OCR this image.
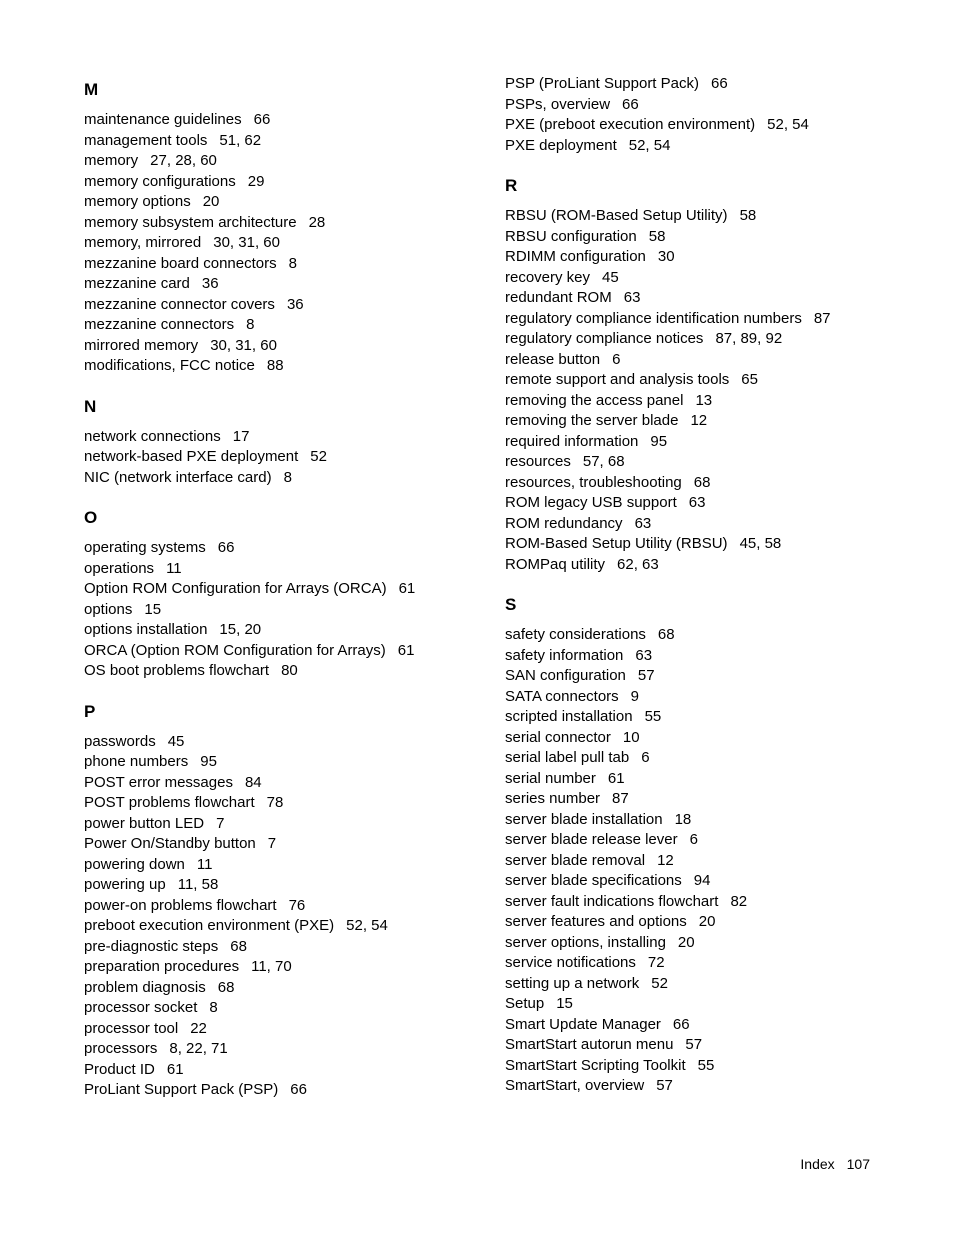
M
maintenance guidelines 66
management tools 51, 62
memory 27, 28, 60
memory configurations 29
memory options 20
memory subsystem architecture 28
memory, mirrored 30, 31, 60
mezzanine board connectors 8
mezzanine card 36
mezzanine connector covers 36
mezzanine connectors 8
mirrored memory 30, 31, 60
modifications, FCC notice 88
N
network connections 17
network-based PXE deployment 52
NIC (network interface card) 8
O
operating systems 66
operations 11
Option ROM Configuration for Arrays (ORCA) 61
options 15
options installation 15, 20
ORCA (Option ROM Configuration for Arrays) 61
OS boot problems flowchart 80
P
passwords 45
phone numbers 95
POST error messages 84
POST problems flowchart 78
power button LED 7
Power On/Standby button 7
powering down 11
powering up 11, 58
power-on problems flowchart 76
preboot execution environment (PXE) 52, 54
pre-diagnostic steps 68
preparation procedures 11, 70
problem diagnosis 68
processor socket 8
processor tool 22
processors 8, 22, 71
Product ID 61
ProLiant Support Pack (PSP) 66
PSP (ProLiant Support Pack) 66
PSPs, overview 66
PXE (preboot execution environment) 52, 54
PXE deployment 52, 54
R
RBSU (ROM-Based Setup Utility) 58
RBSU configuration 58
RDIMM configuration 30
recovery key 45
redundant ROM 63
regulatory compliance identification numbers 87
regulatory compliance notices 87, 89, 92
release button 6
remote support and analysis tools 65
removing the access panel 13
removing the server blade 12
required information 95
resources 57, 68
resources, troubleshooting 68
ROM legacy USB support 63
ROM redundancy 63
ROM-Based Setup Utility (RBSU) 45, 58
ROMPaq utility 62, 63
S
safety considerations 68
safety information 63
SAN configuration 57
SATA connectors 9
scripted installation 55
serial connector 10
serial label pull tab 6
serial number 61
series number 87
server blade installation 18
server blade release lever 6
server blade removal 12
server blade specifications 94
server fault indications flowchart 82
server features and options 20
server options, installing 20
service notifications 72
setting up a network 52
Setup 15
Smart Update Manager 66
SmartStart autorun menu 57
SmartStart Scripting Toolkit 55
SmartStart, overview 57
Index 107
